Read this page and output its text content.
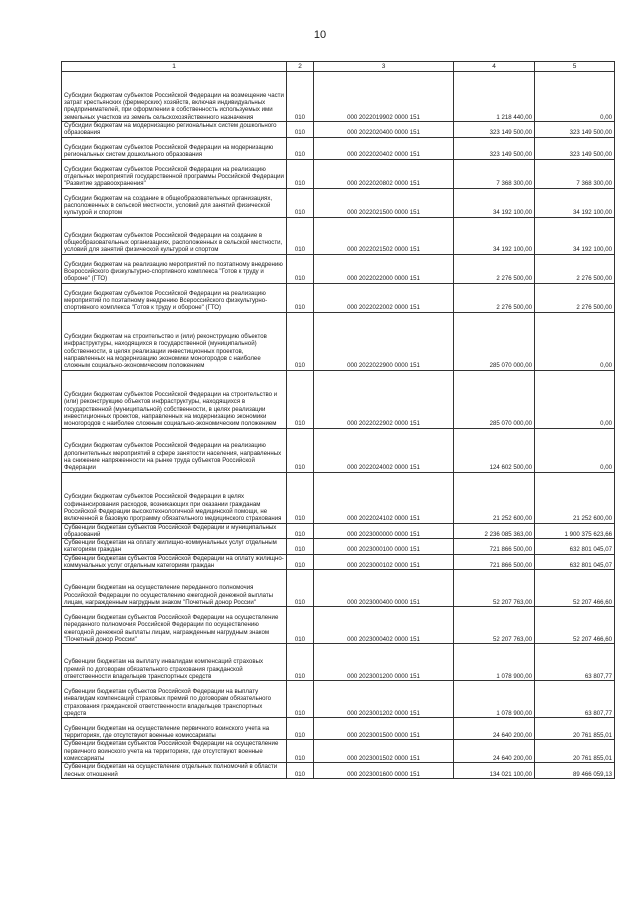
10
1	2	3	4	5
Субсидии бюджетам субъектов Российской Федерации на возмещение части затрат крестьянских (фермерских) хозяйств, включая индивидуальных предпринимателей, при оформлении в собственность используемых ими земельных участков из земель сельскохозяйственного назначения	010	000 2022019902 0000 151	1 218 440,00	0,00
Субсидии бюджетам на модернизацию региональных систем дошкольного образования	010	000 2022020400 0000 151	323 149 500,00	323 149 500,00
Субсидии бюджетам субъектов Российской Федерации на модернизацию региональных систем дошкольного образования	010	000 2022020402 0000 151	323 149 500,00	323 149 500,00
Субсидии бюджетам субъектов Российской Федерации на реализацию отдельных мероприятий государственной программы Российской Федерации "Развитие здравоохранения"	010	000 2022020802 0000 151	7 368 300,00	7 368 300,00
Субсидии бюджетам на создание в общеобразовательных организациях, расположенных в сельской местности, условий для занятий физической культурой и спортом	010	000 2022021500 0000 151	34 192 100,00	34 192 100,00
Субсидии бюджетам субъектов Российской Федерации на создание в общеобразовательных организациях, расположенных в сельской местности, условий для занятий физической культурой и спортом	010	000 2022021502 0000 151	34 192 100,00	34 192 100,00
Субсидии бюджетам на реализацию мероприятий по поэтапному внедрению Всероссийского физкультурно-спортивного комплекса "Готов к труду и обороне" (ГТО)	010	000 2022022000 0000 151	2 276 500,00	2 276 500,00
Субсидии бюджетам субъектов Российской Федерации на реализацию мероприятий по поэтапному внедрению Всероссийского физкультурно-спортивного комплекса "Готов к труду и обороне" (ГТО)	010	000 2022022002 0000 151	2 276 500,00	2 276 500,00
Субсидии бюджетам на строительство и (или) реконструкцию объектов инфраструктуры, находящихся в государственной (муниципальной) собственности, в целях реализации инвестиционных проектов, направленных на модернизацию экономики моногородов с наиболее сложным социально-экономическим положением	010	000 2022022900 0000 151	285 070 000,00	0,00
Субсидии бюджетам субъектов Российской Федерации на строительство и (или) реконструкцию объектов инфраструктуры, находящихся в государственной (муниципальной) собственности, в целях реализации инвестиционных проектов, направленных на модернизацию экономики моногородов с наиболее сложным социально-экономическим положением	010	000 2022022902 0000 151	285 070 000,00	0,00
Субсидии бюджетам субъектов Российской Федерации на реализацию дополнительных мероприятий в сфере занятости населения, направленных на снижение напряженности на рынке труда субъектов Российской Федерации	010	000 2022024002 0000 151	124 602 500,00	0,00
Субсидии бюджетам субъектов Российской Федерации в целях софинансирования расходов, возникающих при оказании гражданам Российской Федерации высокотехнологичной медицинской помощи, не включенной в базовую программу обязательного медицинского страхования	010	000 2022024102 0000 151	21 252 600,00	21 252 600,00
Субвенции бюджетам субъектов Российской Федерации и муниципальных образований	010	000 2023000000 0000 151	2 236 085 363,00	1 900 375 623,66
Субвенции бюджетам на оплату жилищно-коммунальных услуг отдельным категориям граждан	010	000 2023000100 0000 151	721 866 500,00	632 801 045,07
Субвенции бюджетам субъектов Российской Федерации на оплату жилищно-коммунальных услуг отдельным категориям граждан	010	000 2023000102 0000 151	721 866 500,00	632 801 045,07
Субвенции бюджетам на осуществление переданного полномочия Российской Федерации по осуществлению ежегодной денежной выплаты лицам, награжденным нагрудным знаком "Почетный донор России"	010	000 2023000400 0000 151	52 207 763,00	52 207 466,60
Субвенции бюджетам субъектов Российской Федерации на осуществление переданного полномочия Российской Федерации по осуществлению ежегодной денежной выплаты лицам, награжденным нагрудным знаком "Почетный донор России"	010	000 2023000402 0000 151	52 207 763,00	52 207 466,60
Субвенции бюджетам на выплату инвалидам компенсаций страховых премий по договорам обязательного страхования гражданской ответственности владельцев транспортных средств	010	000 2023001200 0000 151	1 078 900,00	63 807,77
Субвенции бюджетам субъектов Российской Федерации на выплату инвалидам компенсаций страховых премий по договорам обязательного страхования гражданской ответственности владельцев транспортных средств	010	000 2023001202 0000 151	1 078 900,00	63 807,77
Субвенции бюджетам на осуществление первичного воинского учета на территориях, где отсутствуют военные комиссариаты	010	000 2023001500 0000 151	24 640 200,00	20 761 855,01
Субвенции бюджетам субъектов Российской Федерации на осуществление первичного воинского учета на территориях, где отсутствуют военные комиссариаты	010	000 2023001502 0000 151	24 640 200,00	20 761 855,01
Субвенции бюджетам на осуществление отдельных полномочий в области лесных отношений	010	000 2023001600 0000 151	134 021 100,00	89 466 059,13
